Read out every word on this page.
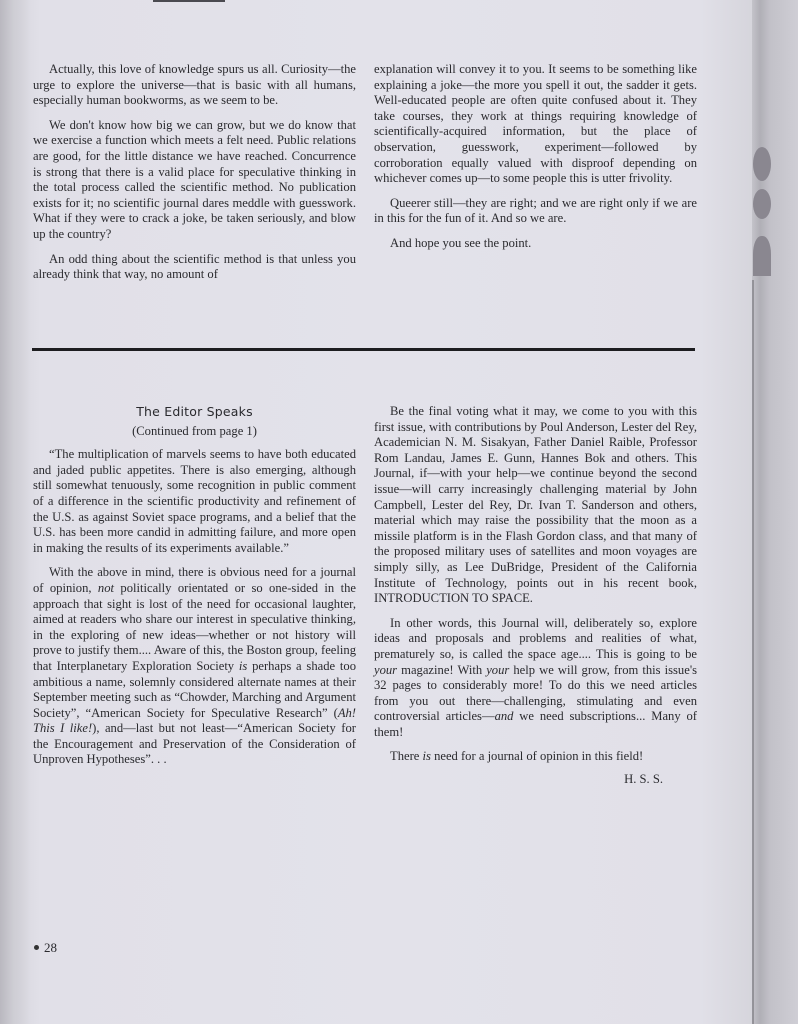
Actually, this love of knowledge spurs us all. Curiosity—the urge to explore the universe—that is basic with all humans, especially human bookworms, as we seem to be.

We don't know how big we can grow, but we do know that we exercise a function which meets a felt need. Public relations are good, for the little distance we have reached. Concurrence is strong that there is a valid place for speculative thinking in the total process called the scientific method. No publication exists for it; no scientific journal dares meddle with guesswork. What if they were to crack a joke, be taken seriously, and blow up the country?

An odd thing about the scientific method is that unless you already think that way, no amount of

explanation will convey it to you. It seems to be something like explaining a joke—the more you spell it out, the sadder it gets. Well-educated people are often quite confused about it. They take courses, they work at things requiring knowledge of scientifically-acquired information, but the place of observation, guesswork, experiment—followed by corroboration equally valued with disproof depending on whichever comes up—to some people this is utter frivolity.

Queerer still—they are right; and we are right only if we are in this for the fun of it. And so we are.

And hope you see the point.

The Editor Speaks
(Continued from page 1)

“The multiplication of marvels seems to have both educated and jaded public appetites. There is also emerging, although still somewhat tenuously, some recognition in public comment of a difference in the scientific productivity and refinement of the U.S. as against Soviet space programs, and a belief that the U.S. has been more candid in admitting failure, and more open in making the results of its experiments available.”

With the above in mind, there is obvious need for a journal of opinion, not politically orientated or so one-sided in the approach that sight is lost of the need for occasional laughter, aimed at readers who share our interest in speculative thinking, in the exploring of new ideas—whether or not history will prove to justify them.... Aware of this, the Boston group, feeling that Interplanetary Exploration Society is perhaps a shade too ambitious a name, solemnly considered alternate names at their September meeting such as “Chowder, Marching and Argument Society”, “American Society for Speculative Research” (Ah! This I like!), and—last but not least—“American Society for the Encouragement and Preservation of the Consideration of Unproven Hypotheses”. . .

Be the final voting what it may, we come to you with this first issue, with contributions by Poul Anderson, Lester del Rey, Academician N. M. Sisakyan, Father Daniel Raible, Professor Rom Landau, James E. Gunn, Hannes Bok and others. This Journal, if—with your help—we continue beyond the second issue—will carry increasingly challenging material by John Campbell, Lester del Rey, Dr. Ivan T. Sanderson and others, material which may raise the possibility that the moon as a missile platform is in the Flash Gordon class, and that many of the proposed military uses of satellites and moon voyages are simply silly, as Lee DuBridge, President of the California Institute of Technology, points out in his recent book, INTRODUCTION TO SPACE.

In other words, this Journal will, deliberately so, explore ideas and proposals and problems and realities of what, prematurely so, is called the space age.... This is going to be your magazine! With your help we will grow, from this issue's 32 pages to considerably more! To do this we need articles from you out there—challenging, stimulating and even controversial articles—and we need subscriptions... Many of them!

There is need for a journal of opinion in this field!

H. S. S.
28
